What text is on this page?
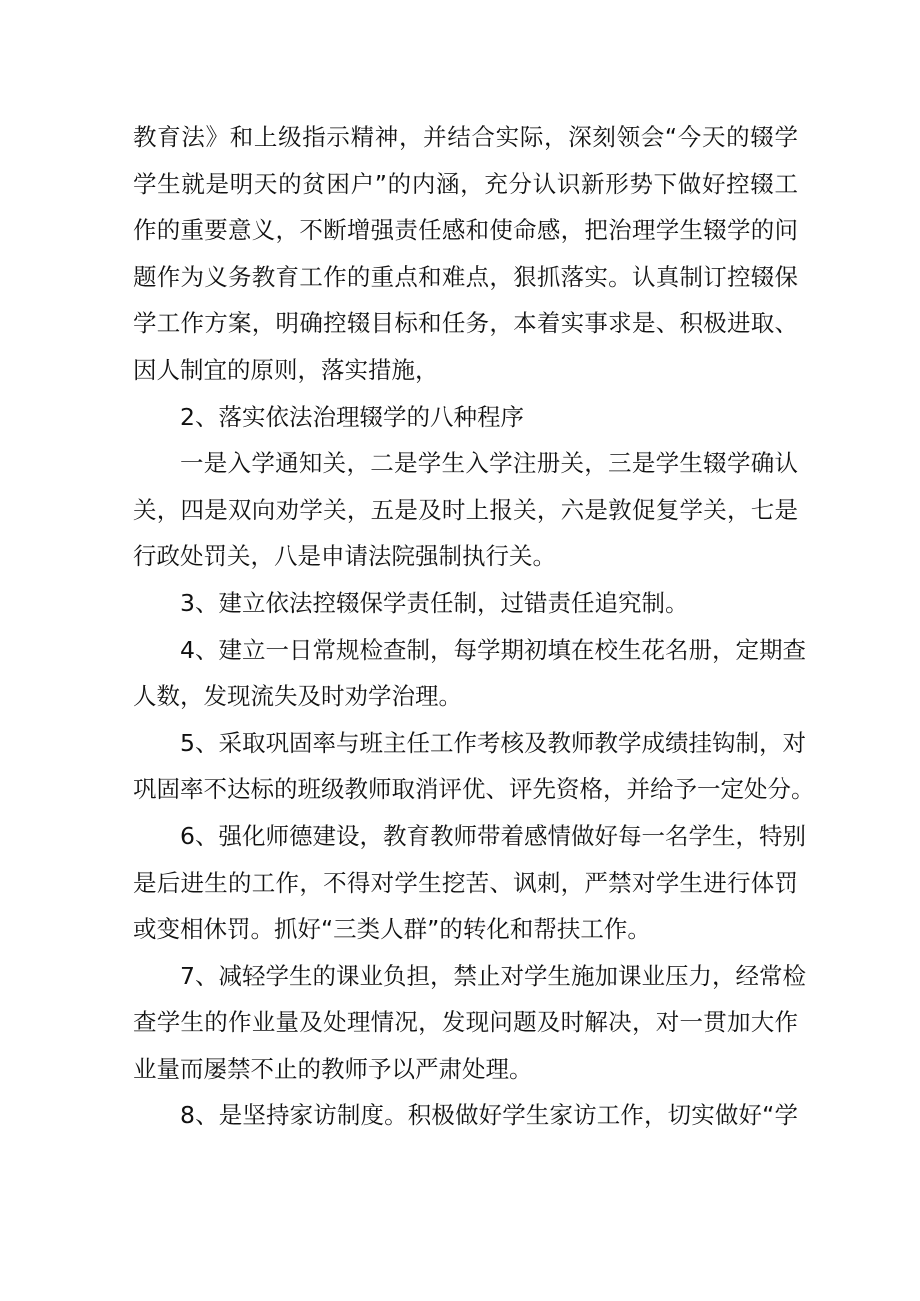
教育法》和上级指示精神，并结合实际，深刻领会“今天的辍学
学生就是明天的贫困户”的内涵，充分认识新形势下做好控辍工
作的重要意义，不断增强责任感和使命感，把治理学生辍学的问
题作为义务教育工作的重点和难点，狠抓落实。认真制订控辍保
学工作方案，明确控辍目标和任务，本着实事求是、积极进取、
因人制宜的原则，落实措施，

2、落实依法治理辍学的八种程序

一是入学通知关，二是学生入学注册关，三是学生辍学确认
关，四是双向劝学关，五是及时上报关，六是敦促复学关，七是
行政处罚关，八是申请法院强制执行关。

3、建立依法控辍保学责任制，过错责任追究制。

4、建立一日常规检查制，每学期初填在校生花名册，定期查
人数，发现流失及时劝学治理。

5、采取巩固率与班主任工作考核及教师教学成绩挂钩制，对
巩固率不达标的班级教师取消评优、评先资格，并给予一定处分。

6、强化师德建设，教育教师带着感情做好每一名学生，特别
是后进生的工作，不得对学生挖苦、讽刺，严禁对学生进行体罚
或变相休罚。抓好“三类人群”的转化和帮扶工作。

7、减轻学生的课业负担，禁止对学生施加课业压力，经常检
查学生的作业量及处理情况，发现问题及时解决，对一贯加大作
业量而屡禁不止的教师予以严肃处理。

8、是坚持家访制度。积极做好学生家访工作，切实做好“学
